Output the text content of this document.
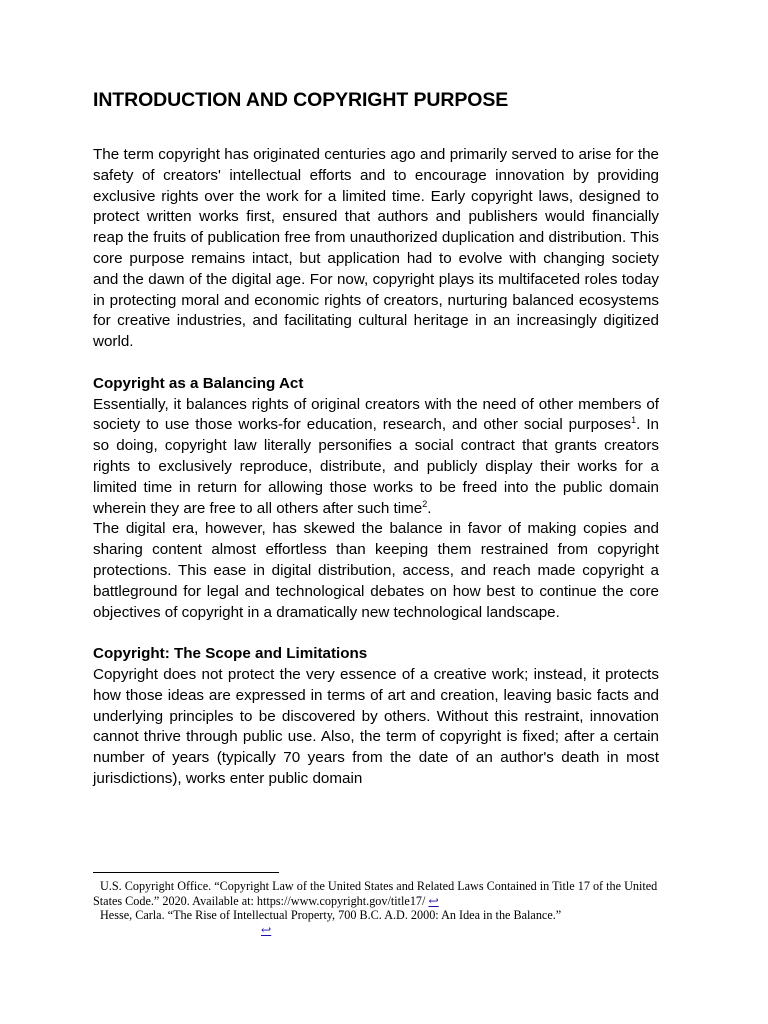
INTRODUCTION AND COPYRIGHT PURPOSE

The term copyright has originated centuries ago and primarily served to arise for the safety of creators' intellectual efforts and to encourage innovation by providing exclusive rights over the work for a limited time. Early copyright laws, designed to protect written works first, ensured that authors and publishers would financially reap the fruits of publication free from unauthorized duplication and distribution. This core purpose remains intact, but application had to evolve with changing society and the dawn of the digital age. For now, copyright plays its multifaceted roles today in protecting moral and economic rights of creators, nurturing balanced ecosystems for creative industries, and facilitating cultural heritage in an increasingly digitized world.

Copyright as a Balancing Act

Essentially, it balances rights of original creators with the need of other members of society to use those works-for education, research, and other social purposes$^1$. In so doing, copyright law literally personifies a social contract that grants creators rights to exclusively reproduce, distribute, and publicly display their works for a limited time in return for allowing those works to be freed into the public domain wherein they are free to all others after such time$^2$.

The digital era, however, has skewed the balance in favor of making copies and sharing content almost effortless than keeping them restrained from copyright protections. This ease in digital distribution, access, and reach made copyright a battleground for legal and technological debates on how best to continue the core objectives of copyright in a dramatically new technological landscape.

Copyright: The Scope and Limitations

Copyright does not protect the very essence of a creative work; instead, it protects how those ideas are expressed in terms of art and creation, leaving basic facts and underlying principles to be discovered by others. Without this restraint, innovation cannot thrive through public use. Also, the term of copyright is fixed; after a certain number of years (typically 70 years from the date of an author's death in most jurisdictions), works enter public domain

U.S. Copyright Office. “Copyright Law of the United States and Related Laws Contained in Title 17 of the United States Code.” 2020. Available at: https://www.copyright.gov/title17/ ↩

Hesse, Carla. “The Rise of Intellectual Property, 700 B.C. A.D. 2000: An Idea in the Balance.”

↩
